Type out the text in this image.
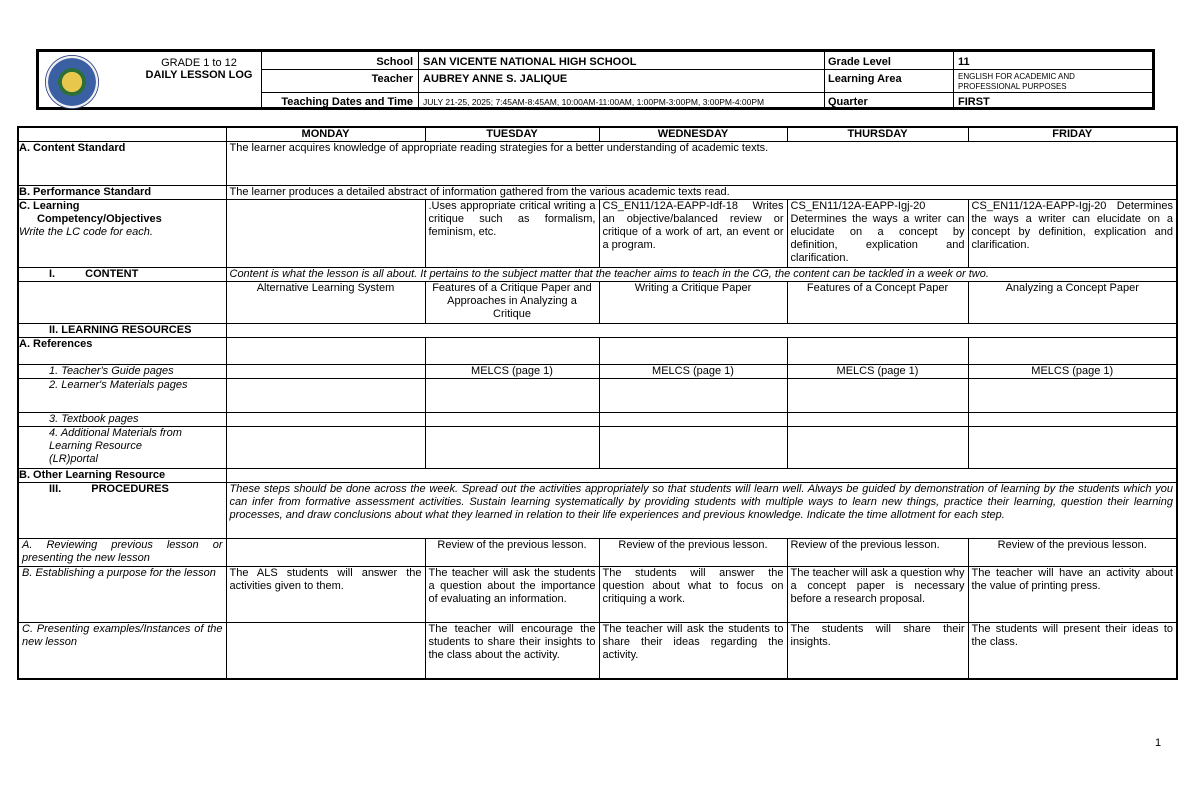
GRADE 1 to 12
DAILY LESSON LOG
School SAN VICENTE NATIONAL HIGH SCHOOL
Teacher AUBREY ANNE S. JALIQUE
Teaching Dates and Time JULY 21-25, 2025; 7:45AM-8:45AM, 10:00AM-11:00AM, 1:00PM-3:00PM, 3:00PM-4:00PM
Grade Level	11
Learning Area	ENGLISH FOR ACADEMIC AND PROFESSIONAL PURPOSES
Quarter	FIRST
	MONDAY	TUESDAY	WEDNESDAY	THURSDAY	FRIDAY
A. Content Standard	The learner acquires knowledge of appropriate reading strategies for a better understanding of academic texts.				
B. Performance Standard	The learner produces a detailed abstract of information gathered from the various academic texts read.				

C. Learning
Competency/Objectives
Write the LC code for each.		.Uses appropriate critical writing a critique such as formalism, feminism, etc.	CS_EN11/12A-EAPP-Idf-18 Writes an objective/balanced review or critique of a work of art, an event or a program.	CS_EN11/12A-EAPP-Igj-20 Determines the ways a writer can elucidate on a concept by definition, explication and clarification.	CS_EN11/12A-EAPP-Igj-20 Determines the ways a writer can elucidate on a concept by definition, explication and clarification.
I. CONTENT	Content is what the lesson is all about. It pertains to the subject matter that the teacher aims to teach in the CG, the content can be tackled in a week or two.				
	Alternative Learning System	Features of a Critique Paper and Approaches in Analyzing a Critique	Writing a Critique Paper	Features of a Concept Paper	Analyzing a Concept Paper
II. LEARNING RESOURCES					
A. References					
1. Teacher's Guide pages		MELCS (page 1)	MELCS (page 1)	MELCS (page 1)	MELCS (page 1)
2. Learner's Materials pages					
3. Textbook pages					
4. Additional Materials from Learning Resource (LR)portal					
B. Other Learning Resource					
III. PROCEDURES	These steps should be done across the week. Spread out the activities appropriately so that students will learn well. Always be guided by demonstration of learning by the students which you can infer from formative assessment activities. Sustain learning systematically by providing students with multiple ways to learn new things, practice their learning, question their learning processes, and draw conclusions about what they learned in relation to their life experiences and previous knowledge. Indicate the time allotment for each step.				
A. Reviewing previous lesson or presenting the new lesson		Review of the previous lesson.	Review of the previous lesson.	Review of the previous lesson.	Review of the previous lesson.
B. Establishing a purpose for the lesson	The ALS students will answer the activities given to them.	The teacher will ask the students a question about the importance of evaluating an information.	The students will answer the question about what to focus on critiquing a work.	The teacher will ask a question why a concept paper is necessary before a research proposal.	The teacher will have an activity about the value of printing press.
C. Presenting examples/Instances of the new lesson		The teacher will encourage the students to share their insights to the class about the activity.	The teacher will ask the students to share their ideas regarding the activity.	The students will share their insights.	The students will present their ideas to the class.
1
